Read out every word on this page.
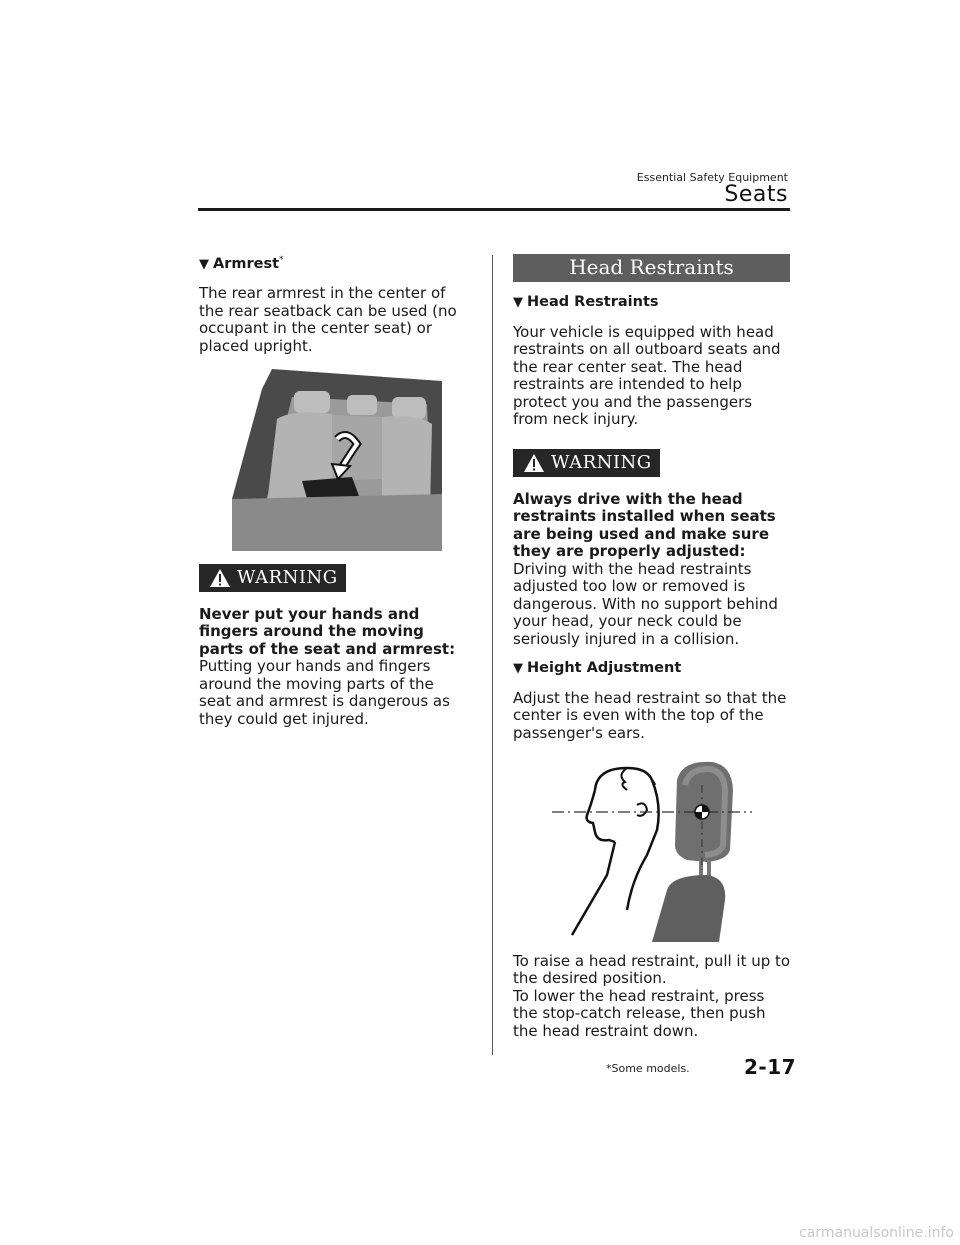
Essential Safety Equipment
Seats
▼ Armrest*

The rear armrest in the center of the rear seatback can be used (no occupant in the center seat) or placed upright.

WARNING

Never put your hands and fingers around the moving parts of the seat and armrest:

Putting your hands and fingers around the moving parts of the seat and armrest is dangerous as they could get injured.

Head Restraints
▼ Head Restraints

Your vehicle is equipped with head restraints on all outboard seats and the rear center seat. The head restraints are intended to help protect you and the passengers from neck injury.

WARNING

Always drive with the head restraints installed when seats are being used and make sure they are properly adjusted:

Driving with the head restraints adjusted too low or removed is dangerous. With no support behind your head, your neck could be seriously injured in a collision.

▼ Height Adjustment

Adjust the head restraint so that the center is even with the top of the passenger's ears.

To raise a head restraint, pull it up to the desired position.

To lower the head restraint, press the stop-catch release, then push the head restraint down.

*Some models.	2-17
carmanualsonline.info
